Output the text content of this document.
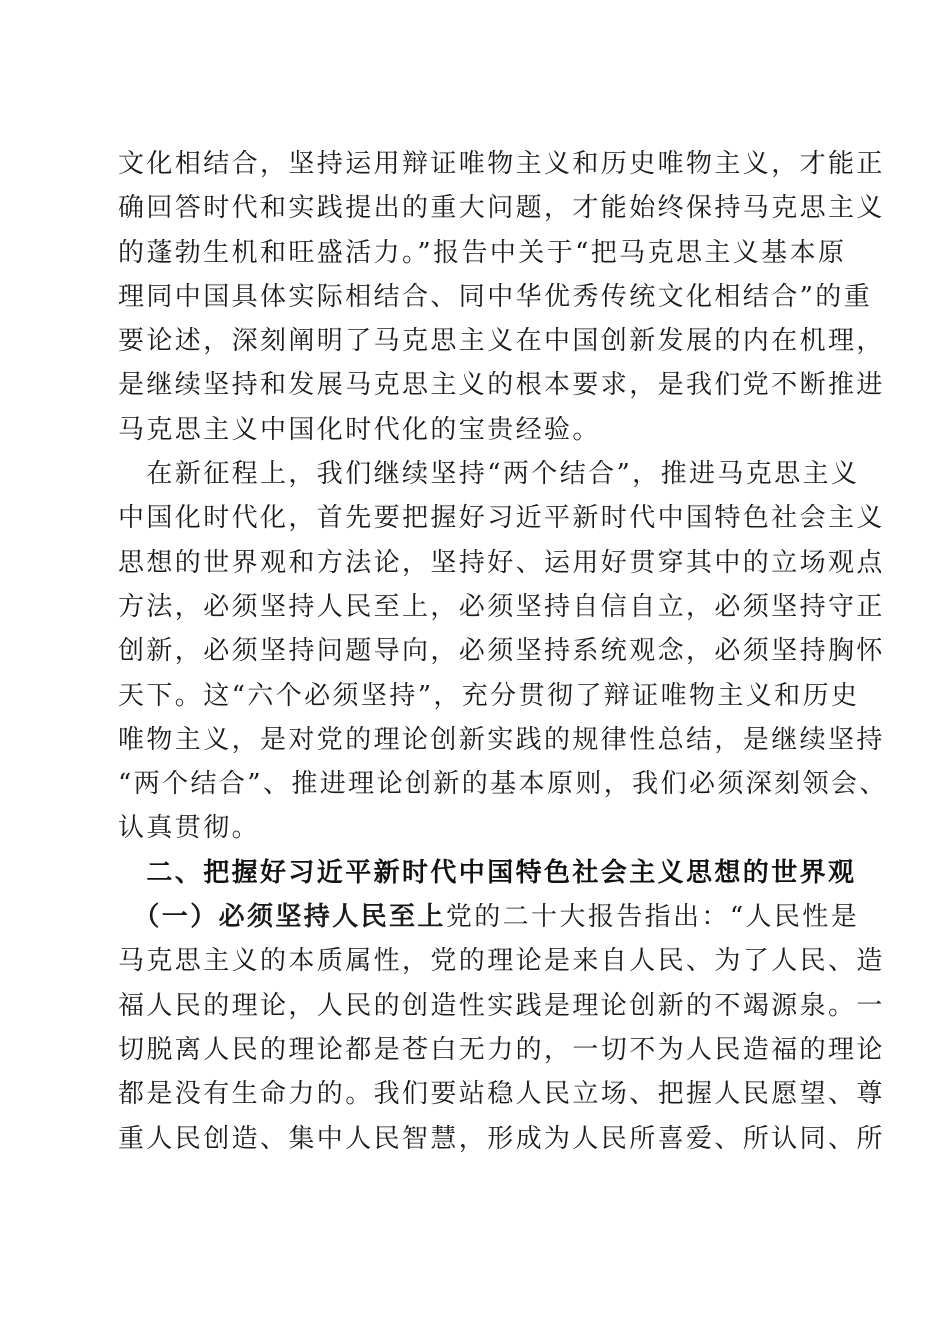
文化相结合，坚持运用辩证唯物主义和历史唯物主义，才能正
确回答时代和实践提出的重大问题，才能始终保持马克思主义
的蓬勃生机和旺盛活力。”报告中关于“把马克思主义基本原
理同中国具体实际相结合、同中华优秀传统文化相结合”的重
要论述，深刻阐明了马克思主义在中国创新发展的内在机理，
是继续坚持和发展马克思主义的根本要求，是我们党不断推进
马克思主义中国化时代化的宝贵经验。
　在新征程上，我们继续坚持“两个结合”，推进马克思主义
中国化时代化，首先要把握好习近平新时代中国特色社会主义
思想的世界观和方法论，坚持好、运用好贯穿其中的立场观点
方法，必须坚持人民至上，必须坚持自信自立，必须坚持守正
创新，必须坚持问题导向，必须坚持系统观念，必须坚持胸怀
天下。这“六个必须坚持”，充分贯彻了辩证唯物主义和历史
唯物主义，是对党的理论创新实践的规律性总结，是继续坚持
“两个结合”、推进理论创新的基本原则，我们必须深刻领会、
认真贯彻。
　二、把握好习近平新时代中国特色社会主义思想的世界观
　（一）必须坚持人民至上党的二十大报告指出：“人民性是
马克思主义的本质属性，党的理论是来自人民、为了人民、造
福人民的理论，人民的创造性实践是理论创新的不竭源泉。一
切脱离人民的理论都是苍白无力的，一切不为人民造福的理论
都是没有生命力的。我们要站稳人民立场、把握人民愿望、尊
重人民创造、集中人民智慧，形成为人民所喜爱、所认同、所
